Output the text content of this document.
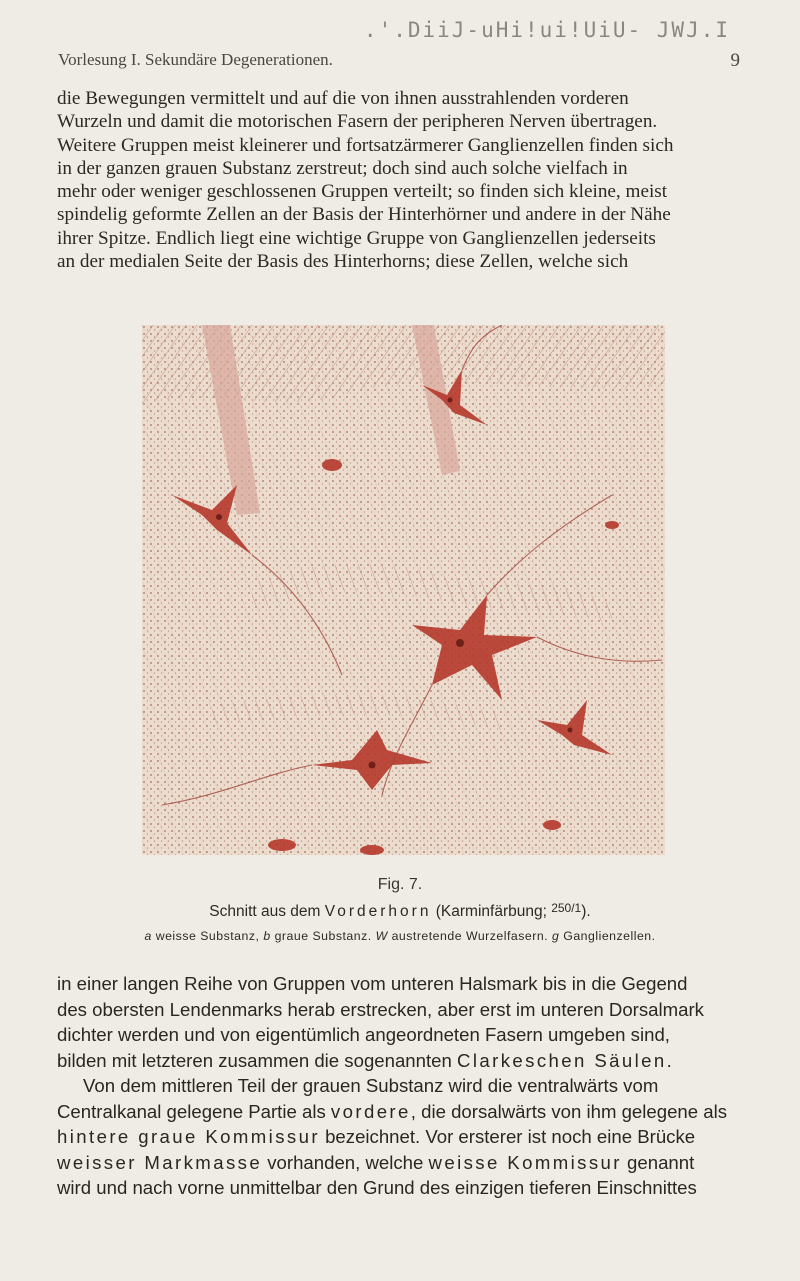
.'.DiiJ-uHi!ui!UiU- JWJ.I
Vorlesung I. Sekundäre Degenerationen.	9
die Bewegungen vermittelt und auf die von ihnen ausstrahlenden vorderen
Wurzeln und damit die motorischen Fasern der peripheren Nerven übertragen.
Weitere Gruppen meist kleinerer und fortsatzärmerer Ganglienzellen finden sich
in der ganzen grauen Substanz zerstreut; doch sind auch solche vielfach in
mehr oder weniger geschlossenen Gruppen verteilt; so finden sich kleine, meist
spindelig geformte Zellen an der Basis der Hinterhörner und andere in der Nähe
ihrer Spitze. Endlich liegt eine wichtige Gruppe von Ganglienzellen jederseits
an der medialen Seite der Basis des Hinterhorns; diese Zellen, welche sich
Fig. 7.
Schnitt aus dem Vorderhorn (Karminfärbung; $^{250/1}$).
a weisse Substanz, b graue Substanz. W austretende Wurzelfasern. g Ganglienzellen.
in einer langen Reihe von Gruppen vom unteren Halsmark bis in die Gegend
des obersten Lendenmarks herab erstrecken, aber erst im unteren Dorsalmark
dichter werden und von eigentümlich angeordneten Fasern umgeben sind,
bilden mit letzteren zusammen die sogenannten Clarkeschen Säulen.
Von dem mittleren Teil der grauen Substanz wird die ventralwärts vom
Centralkanal gelegene Partie als vordere, die dorsalwärts von ihm gelegene als
hintere graue Kommissur bezeichnet. Vor ersterer ist noch eine Brücke
weisser Markmasse vorhanden, welche weisse Kommissur genannt
wird und nach vorne unmittelbar den Grund des einzigen tieferen Einschnittes
